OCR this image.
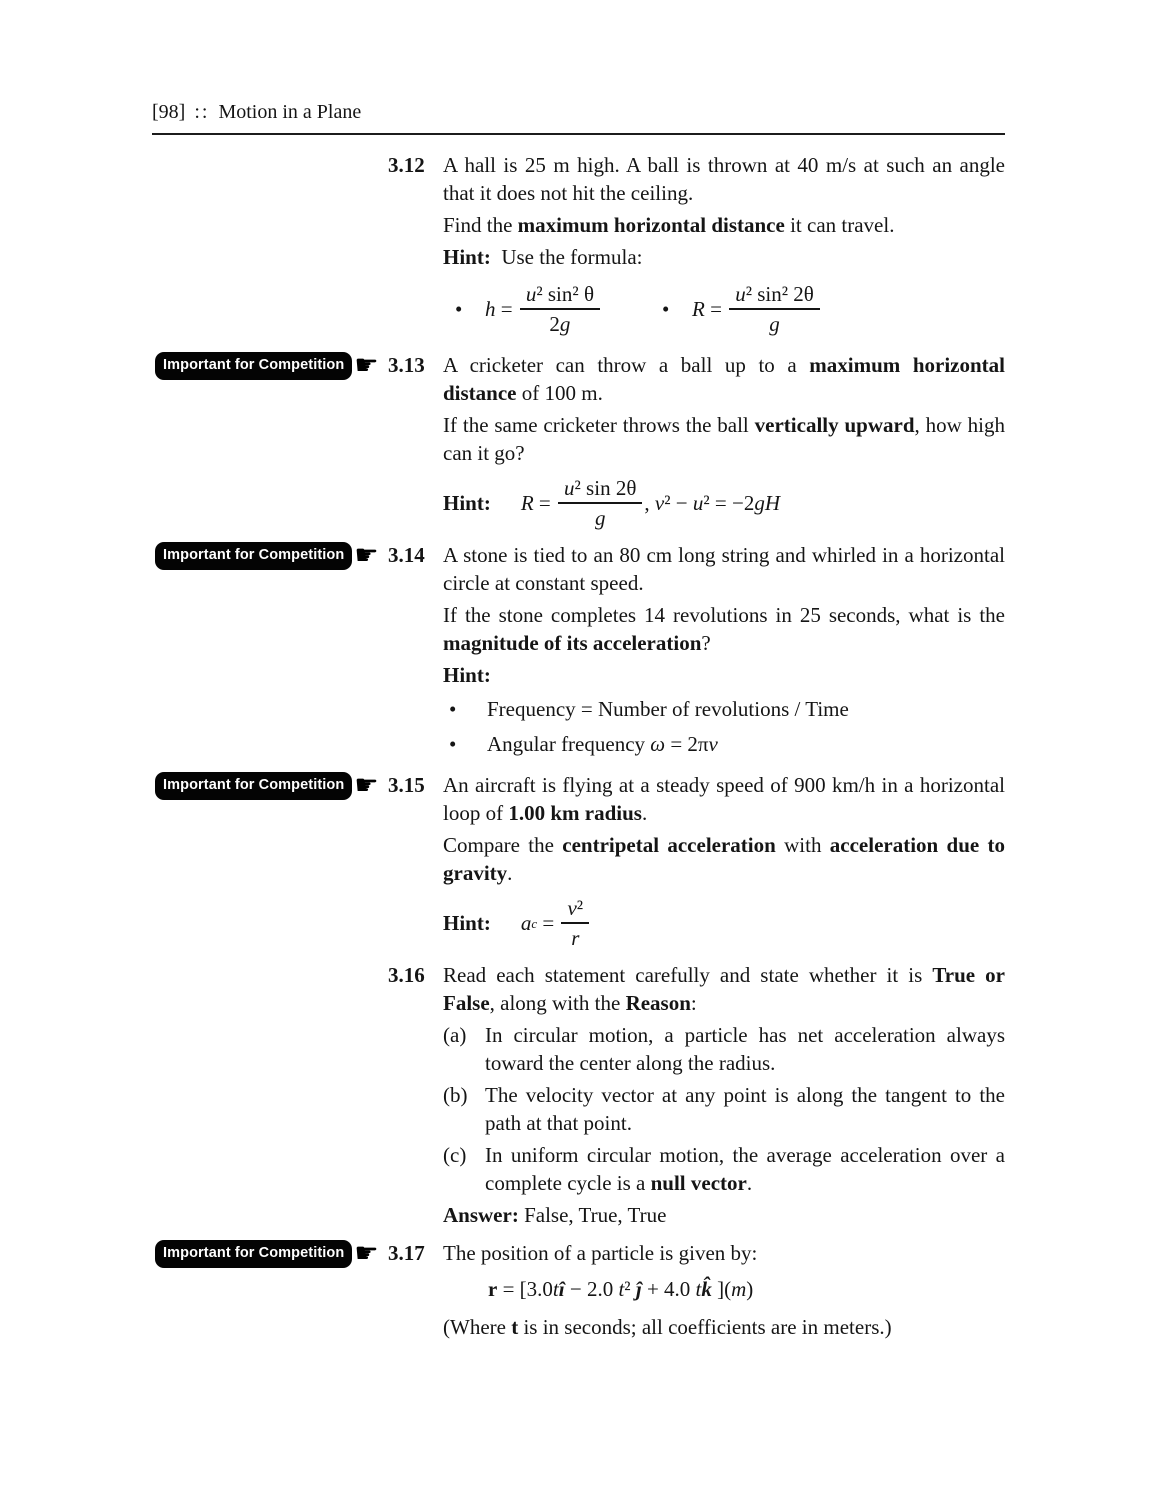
[98] :: Motion in a Plane
3.12 A hall is 25 m high. A ball is thrown at 40 m/s at such an angle that it does not hit the ceiling.

Find the maximum horizontal distance it can travel.

Hint:  Use the formula:

•	$h = \frac{\text{u² sin² θ}}{2g}$	•	$R = \frac{\text{u² sin² 2θ}}{g}$
Important for Competition ☛ 3.13 A cricketer can throw a ball up to a maximum horizontal distance of 100 m.

If the same cricketer throws the ball vertically upward, how high can it go?

Hint: $R = \frac{\text{u² sin 2θ}}{g}$ , v² − u² = −2gH
Important for Competition ☛ 3.14 A stone is tied to an 80 cm long string and whirled in a horizontal circle at constant speed.

If the stone completes 14 revolutions in 25 seconds, what is the magnitude of its acceleration?

Hint:

•	Frequency = Number of revolutions / Time
•	Angular frequency ω = 2πv
Important for Competition ☛ 3.15 An aircraft is flying at a steady speed of 900 km/h in a horizontal loop of 1.00 km radius.

Compare the centripetal acceleration with acceleration due to gravity.

Hint: a $c = \frac{\text{v²}}{r}$
3.16 Read each statement carefully and state whether it is True or False, along with the Reason:

(a) In circular motion, a particle has net acceleration always toward the center along the radius.
(b) The velocity vector at any point is along the tangent to the path at that point.
(c) In uniform circular motion, the average acceleration over a complete cycle is a null vector.

Answer: False, True, True

Important for Competition ☛ 3.17 The position of a particle is given by:

r = [3.0tî − 2.0 t² ĵ + 4.0 tk̂ ](m)

(Where t is in seconds; all coefficients are in meters.)
